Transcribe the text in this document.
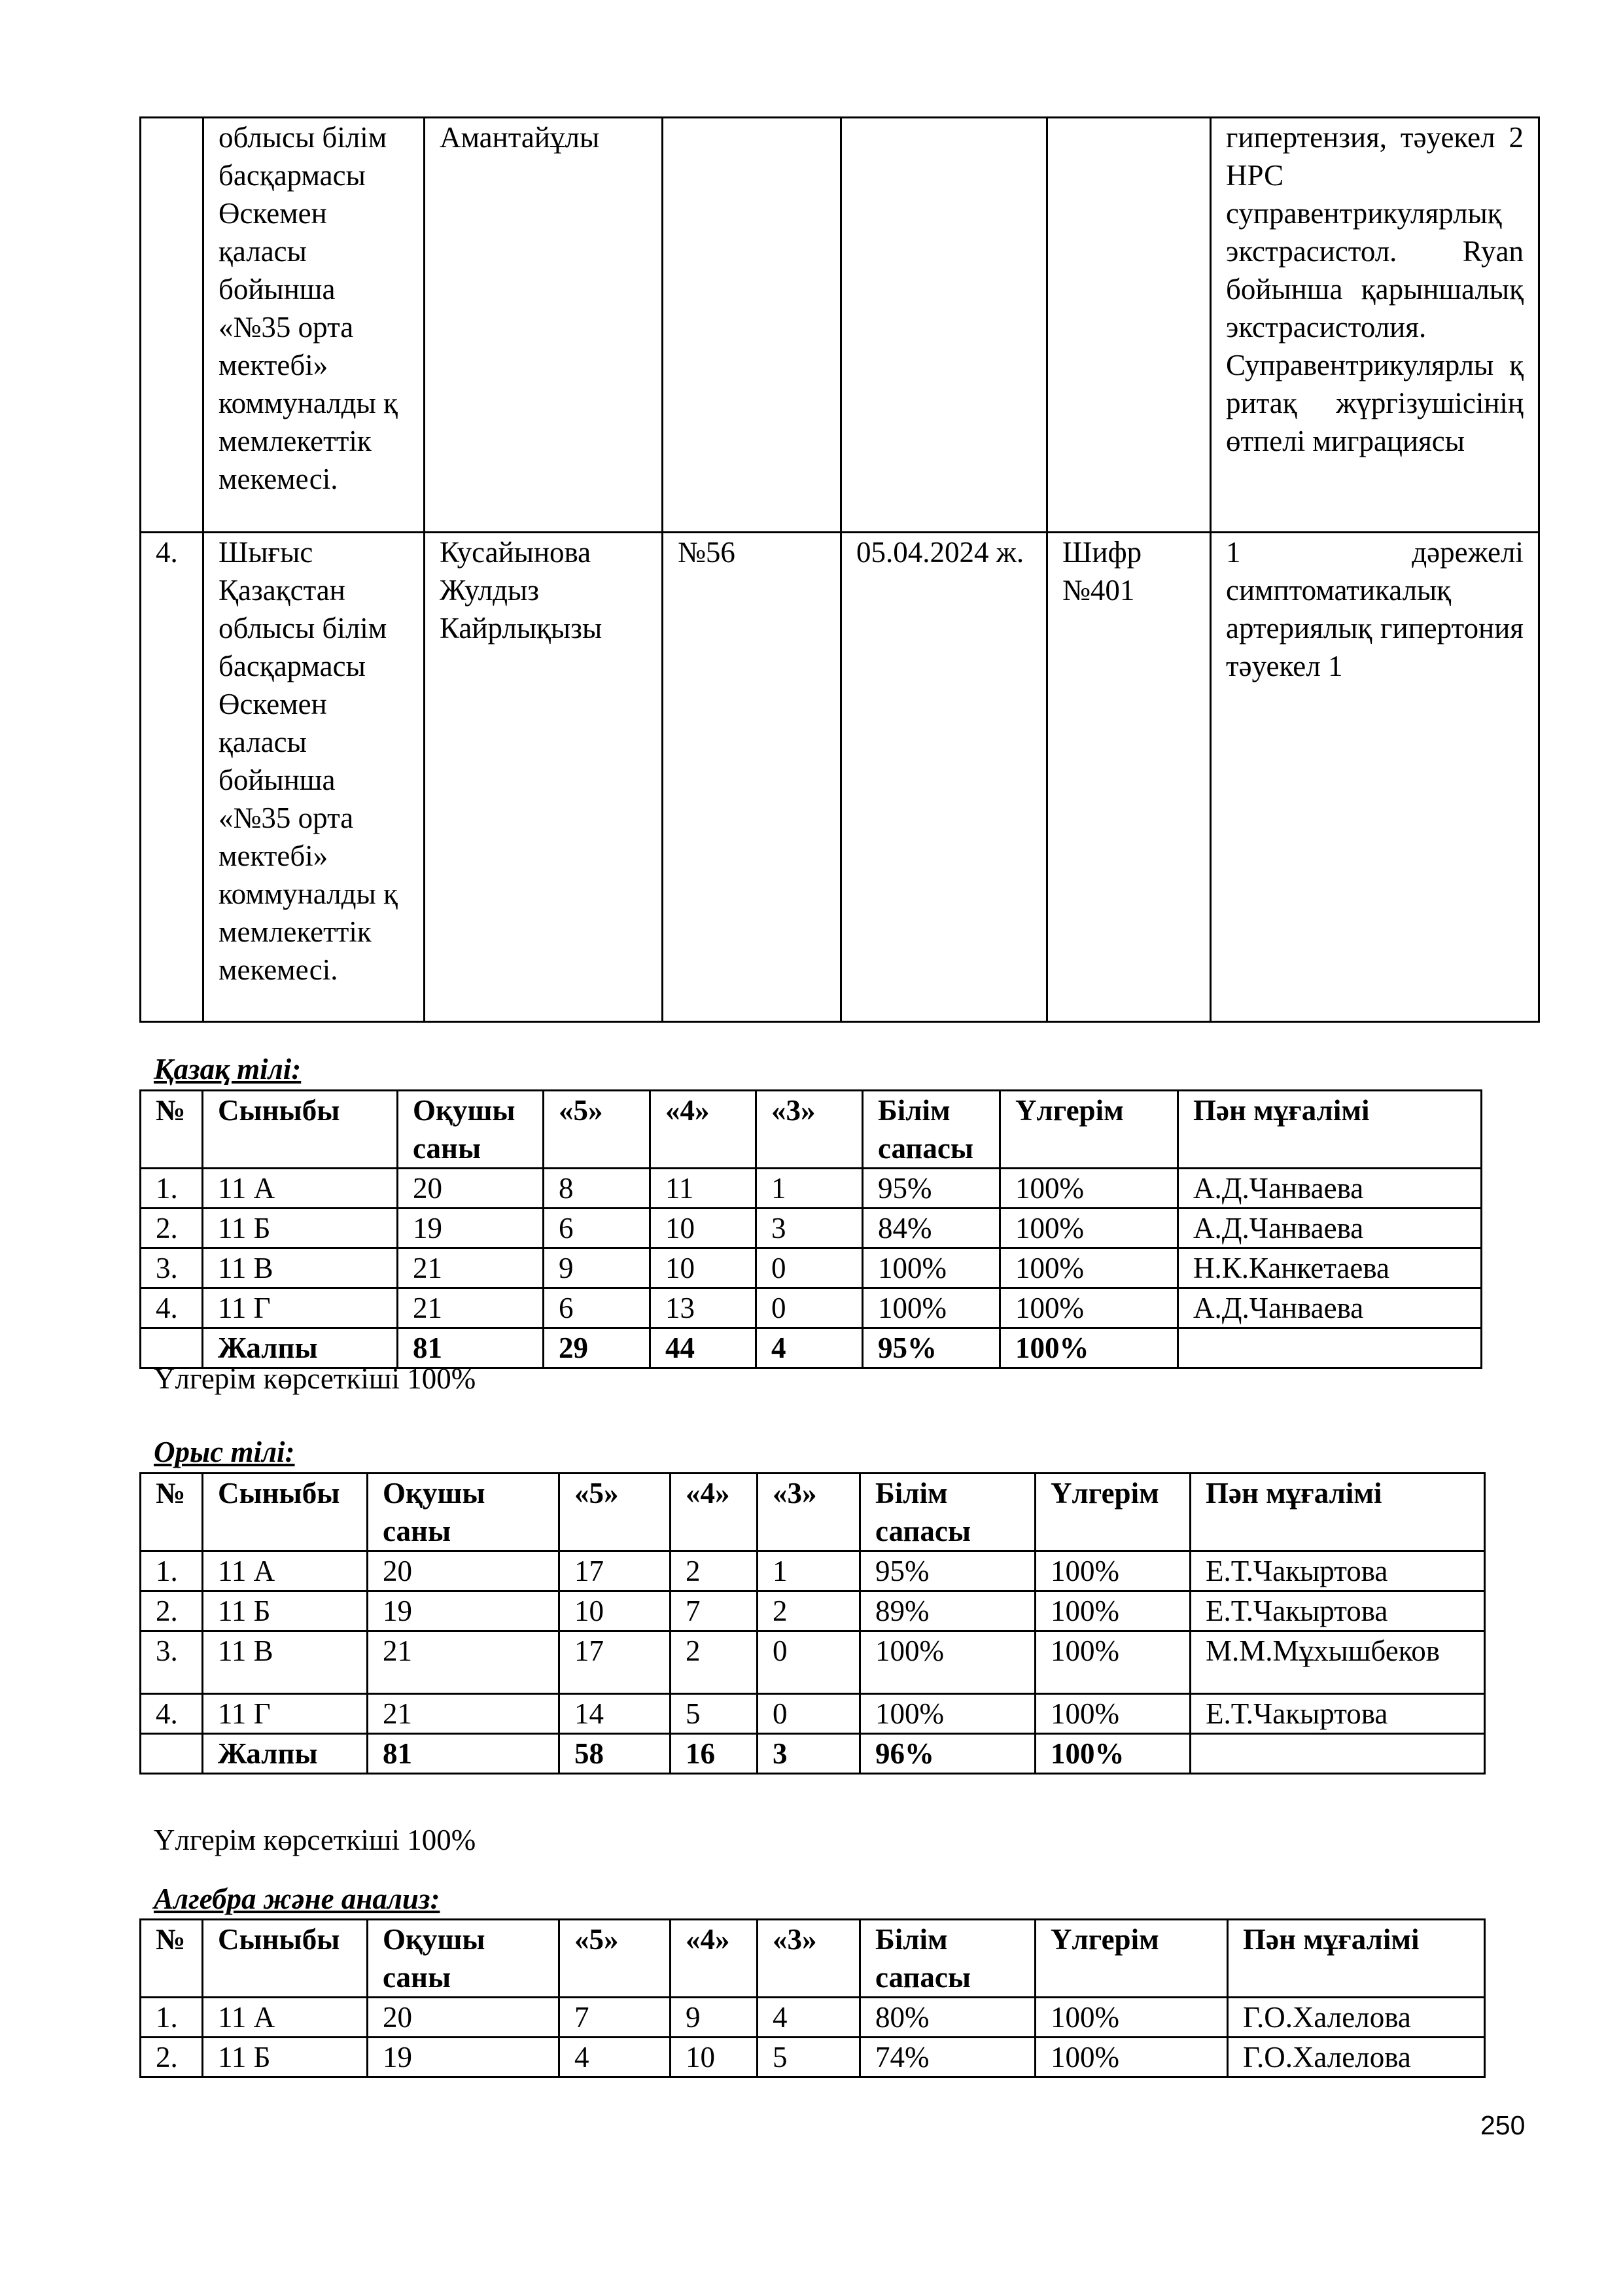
	облысы білім басқармасы Өскемен қаласы бойынша «№35 орта мектебі» коммуналды қ мемлекеттік мекемесі.	Амантайұлы				гипертензия, тәуекел 2 НРС суправентрикулярлық экстрасистол. Ryan бойынша қарыншалық экстрасистолия. Суправентрикулярлы қ ритақ жүргізушісінің өтпелі миграциясы
4.	Шығыс Қазақстан облысы білім басқармасы Өскемен қаласы бойынша «№35 орта мектебі» коммуналды қ мемлекеттік мекемесі.	Кусайынова Жулдыз Кайрлықызы	№56	05.04.2024 ж.	Шифр №401	1 дәрежелі симптоматикалық артериялық гипертония тәуекел 1
Қазақ тілі:
№	Сыныбы	Оқушы саны	«5»	«4»	«3»	Білім сапасы	Үлгерім	Пән мұғалімі
1.	11 А	20	8	11	1	95%	100%	А.Д.Чанваева
2.	11 Б	19	6	10	3	84%	100%	А.Д.Чанваева
3.	11 В	21	9	10	0	100%	100%	Н.К.Канкетаева
4.	11 Г	21	6	13	0	100%	100%	А.Д.Чанваева
	Жалпы	81	29	44	4	95%	100%	
Үлгерім көрсеткіші 100%
Орыс тілі:
№	Сыныбы	Оқушы саны	«5»	«4»	«3»	Білім сапасы	Үлгерім	Пән мұғалімі
1.	11 А	20	17	2	1	95%	100%	Е.Т.Чакыртова
2.	11 Б	19	10	7	2	89%	100%	Е.Т.Чакыртова
3.	11 В	21	17	2	0	100%	100%	М.М.Мұхышбеков
4.	11 Г	21	14	5	0	100%	100%	Е.Т.Чакыртова
	Жалпы	81	58	16	3	96%	100%	
Үлгерім көрсеткіші 100%
Алгебра және анализ:
№	Сыныбы	Оқушы саны	«5»	«4»	«3»	Білім сапасы	Үлгерім	Пән мұғалімі
1.	11 А	20	7	9	4	80%	100%	Г.О.Халелова
2.	11 Б	19	4	10	5	74%	100%	Г.О.Халелова
250
